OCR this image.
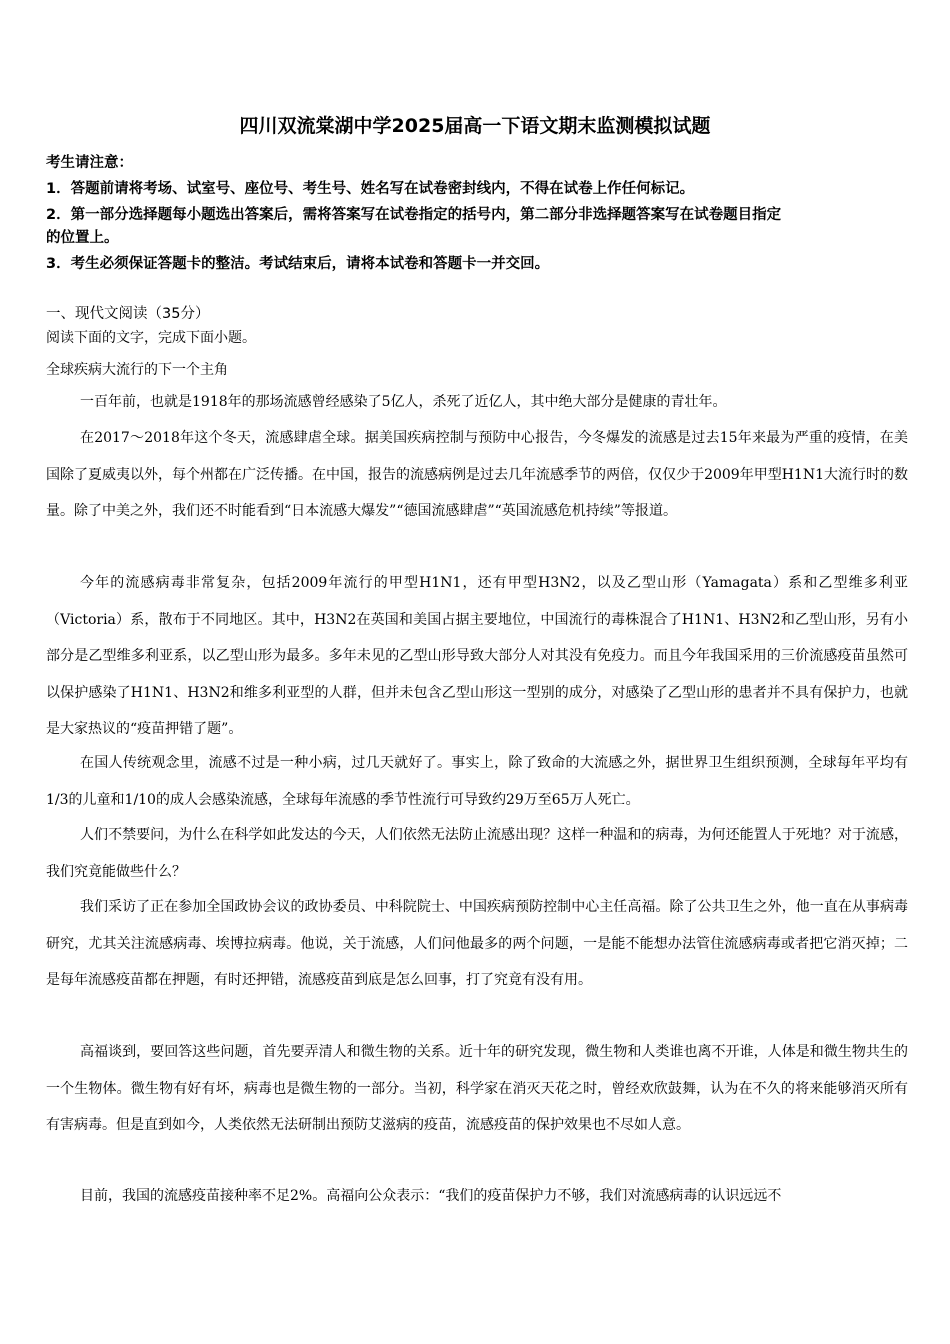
四川双流棠湖中学2025届高一下语文期末监测模拟试题
考生请注意：
1．答题前请将考场、试室号、座位号、考生号、姓名写在试卷密封线内，不得在试卷上作任何标记。
2．第一部分选择题每小题选出答案后，需将答案写在试卷指定的括号内，第二部分非选择题答案写在试卷题目指定
的位置上。
3．考生必须保证答题卡的整洁。考试结束后，请将本试卷和答题卡一并交回。
一、现代文阅读（35分）
阅读下面的文字，完成下面小题。
全球疾病大流行的下一个主角

一百年前，也就是1918年的那场流感曾经感染了5亿人，杀死了近亿人，其中绝大部分是健康的青壮年。

在2017～2018年这个冬天，流感肆虐全球。据美国疾病控制与预防中心报告，今冬爆发的流感是过去15年来最为严重的疫情，在美国除了夏威夷以外，每个州都在广泛传播。在中国，报告的流感病例是过去几年流感季节的两倍，仅仅少于2009年甲型H1N1大流行时的数量。除了中美之外，我们还不时能看到“日本流感大爆发”“德国流感肆虐”“英国流感危机持续”等报道。

今年的流感病毒非常复杂，包括2009年流行的甲型H1N1，还有甲型H3N2，以及乙型山形（Yamagata）系和乙型维多利亚（Victoria）系，散布于不同地区。其中，H3N2在英国和美国占据主要地位，中国流行的毒株混合了H1N1、H3N2和乙型山形，另有小部分是乙型维多利亚系，以乙型山形为最多。多年未见的乙型山形导致大部分人对其没有免疫力。而且今年我国采用的三价流感疫苗虽然可以保护感染了H1N1、H3N2和维多利亚型的人群，但并未包含乙型山形这一型别的成分，对感染了乙型山形的患者并不具有保护力，也就是大家热议的“疫苗押错了题”。

在国人传统观念里，流感不过是一种小病，过几天就好了。事实上，除了致命的大流感之外，据世界卫生组织预测，全球每年平均有1/3的儿童和1/10的成人会感染流感，全球每年流感的季节性流行可导致约29万至65万人死亡。

人们不禁要问，为什么在科学如此发达的今天，人们依然无法防止流感出现？这样一种温和的病毒，为何还能置人于死地？对于流感，我们究竟能做些什么？

我们采访了正在参加全国政协会议的政协委员、中科院院士、中国疾病预防控制中心主任高福。除了公共卫生之外，他一直在从事病毒研究，尤其关注流感病毒、埃博拉病毒。他说，关于流感，人们问他最多的两个问题，一是能不能想办法管住流感病毒或者把它消灭掉；二是每年流感疫苗都在押题，有时还押错，流感疫苗到底是怎么回事，打了究竟有没有用。

高福谈到，要回答这些问题，首先要弄清人和微生物的关系。近十年的研究发现，微生物和人类谁也离不开谁，人体是和微生物共生的一个生物体。微生物有好有坏，病毒也是微生物的一部分。当初，科学家在消灭天花之时，曾经欢欣鼓舞，认为在不久的将来能够消灭所有有害病毒。但是直到如今，人类依然无法研制出预防艾滋病的疫苗，流感疫苗的保护效果也不尽如人意。

目前，我国的流感疫苗接种率不足2%。高福向公众表示：“我们的疫苗保护力不够，我们对流感病毒的认识远远不
